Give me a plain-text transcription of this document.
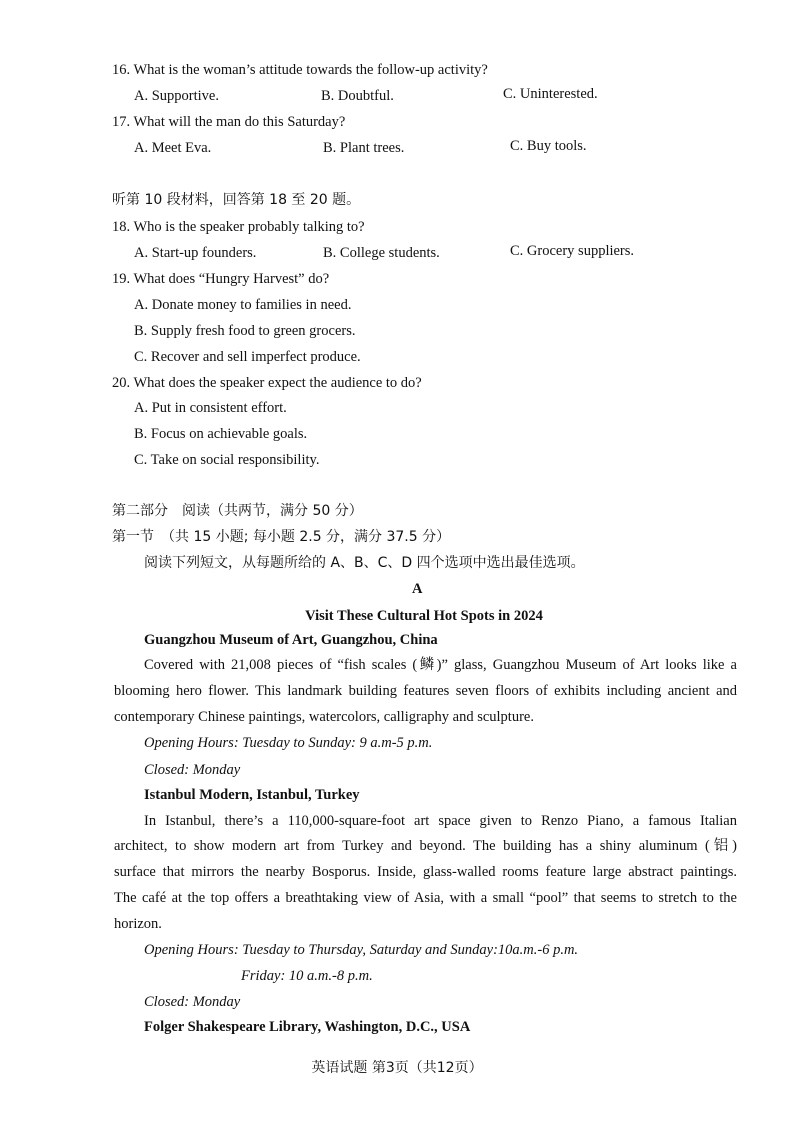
16. What is the woman’s attitude towards the follow-up activity?
A. Supportive.	B. Doubtful.	C. Uninterested.
17. What will the man do this Saturday?
A. Meet Eva.	B. Plant trees.	C. Buy tools.
听第 10 段材料，回答第 18 至 20 题。
18. Who is the speaker probably talking to?
A. Start-up founders.	B. College students.	C. Grocery suppliers.
19. What does “Hungry Harvest” do?
A. Donate money to families in need.
B. Supply fresh food to green grocers.
C. Recover and sell imperfect produce.
20. What does the speaker expect the audience to do?
A. Put in consistent effort.
B. Focus on achievable goals.
C. Take on social responsibility.
第二部分　阅读（共两节，满分 50 分）
第一节　（共 15 小题; 每小题 2.5 分，满分 37.5 分）
阅读下列短文，从每题所给的 A、B、C、D 四个选项中选出最佳选项。
A
Visit These Cultural Hot Spots in 2024
Guangzhou Museum of Art, Guangzhou, China
Covered with 21,008 pieces of “fish scales (鳞)” glass, Guangzhou Museum of Art looks like a
blooming hero flower. This landmark building features seven floors of exhibits including ancient and
contemporary Chinese paintings, watercolors, calligraphy and sculpture.
Opening Hours: Tuesday to Sunday: 9 a.m-5 p.m.
Closed: Monday
Istanbul Modern, Istanbul, Turkey
In Istanbul, there’s a 110,000-square-foot art space given to Renzo Piano, a famous Italian
architect, to show modern art from Turkey and beyond. The building has a shiny aluminum (铝)
surface that mirrors the nearby Bosporus. Inside, glass-walled rooms feature large abstract paintings.
The café at the top offers a breathtaking view of Asia, with a small “pool” that seems to stretch to the
horizon.
Opening Hours: Tuesday to Thursday, Saturday and Sunday:10a.m.-6 p.m.
Friday: 10 a.m.-8 p.m.
Closed: Monday
Folger Shakespeare Library, Washington, D.C., USA
英语试题 第3页（共12页）
